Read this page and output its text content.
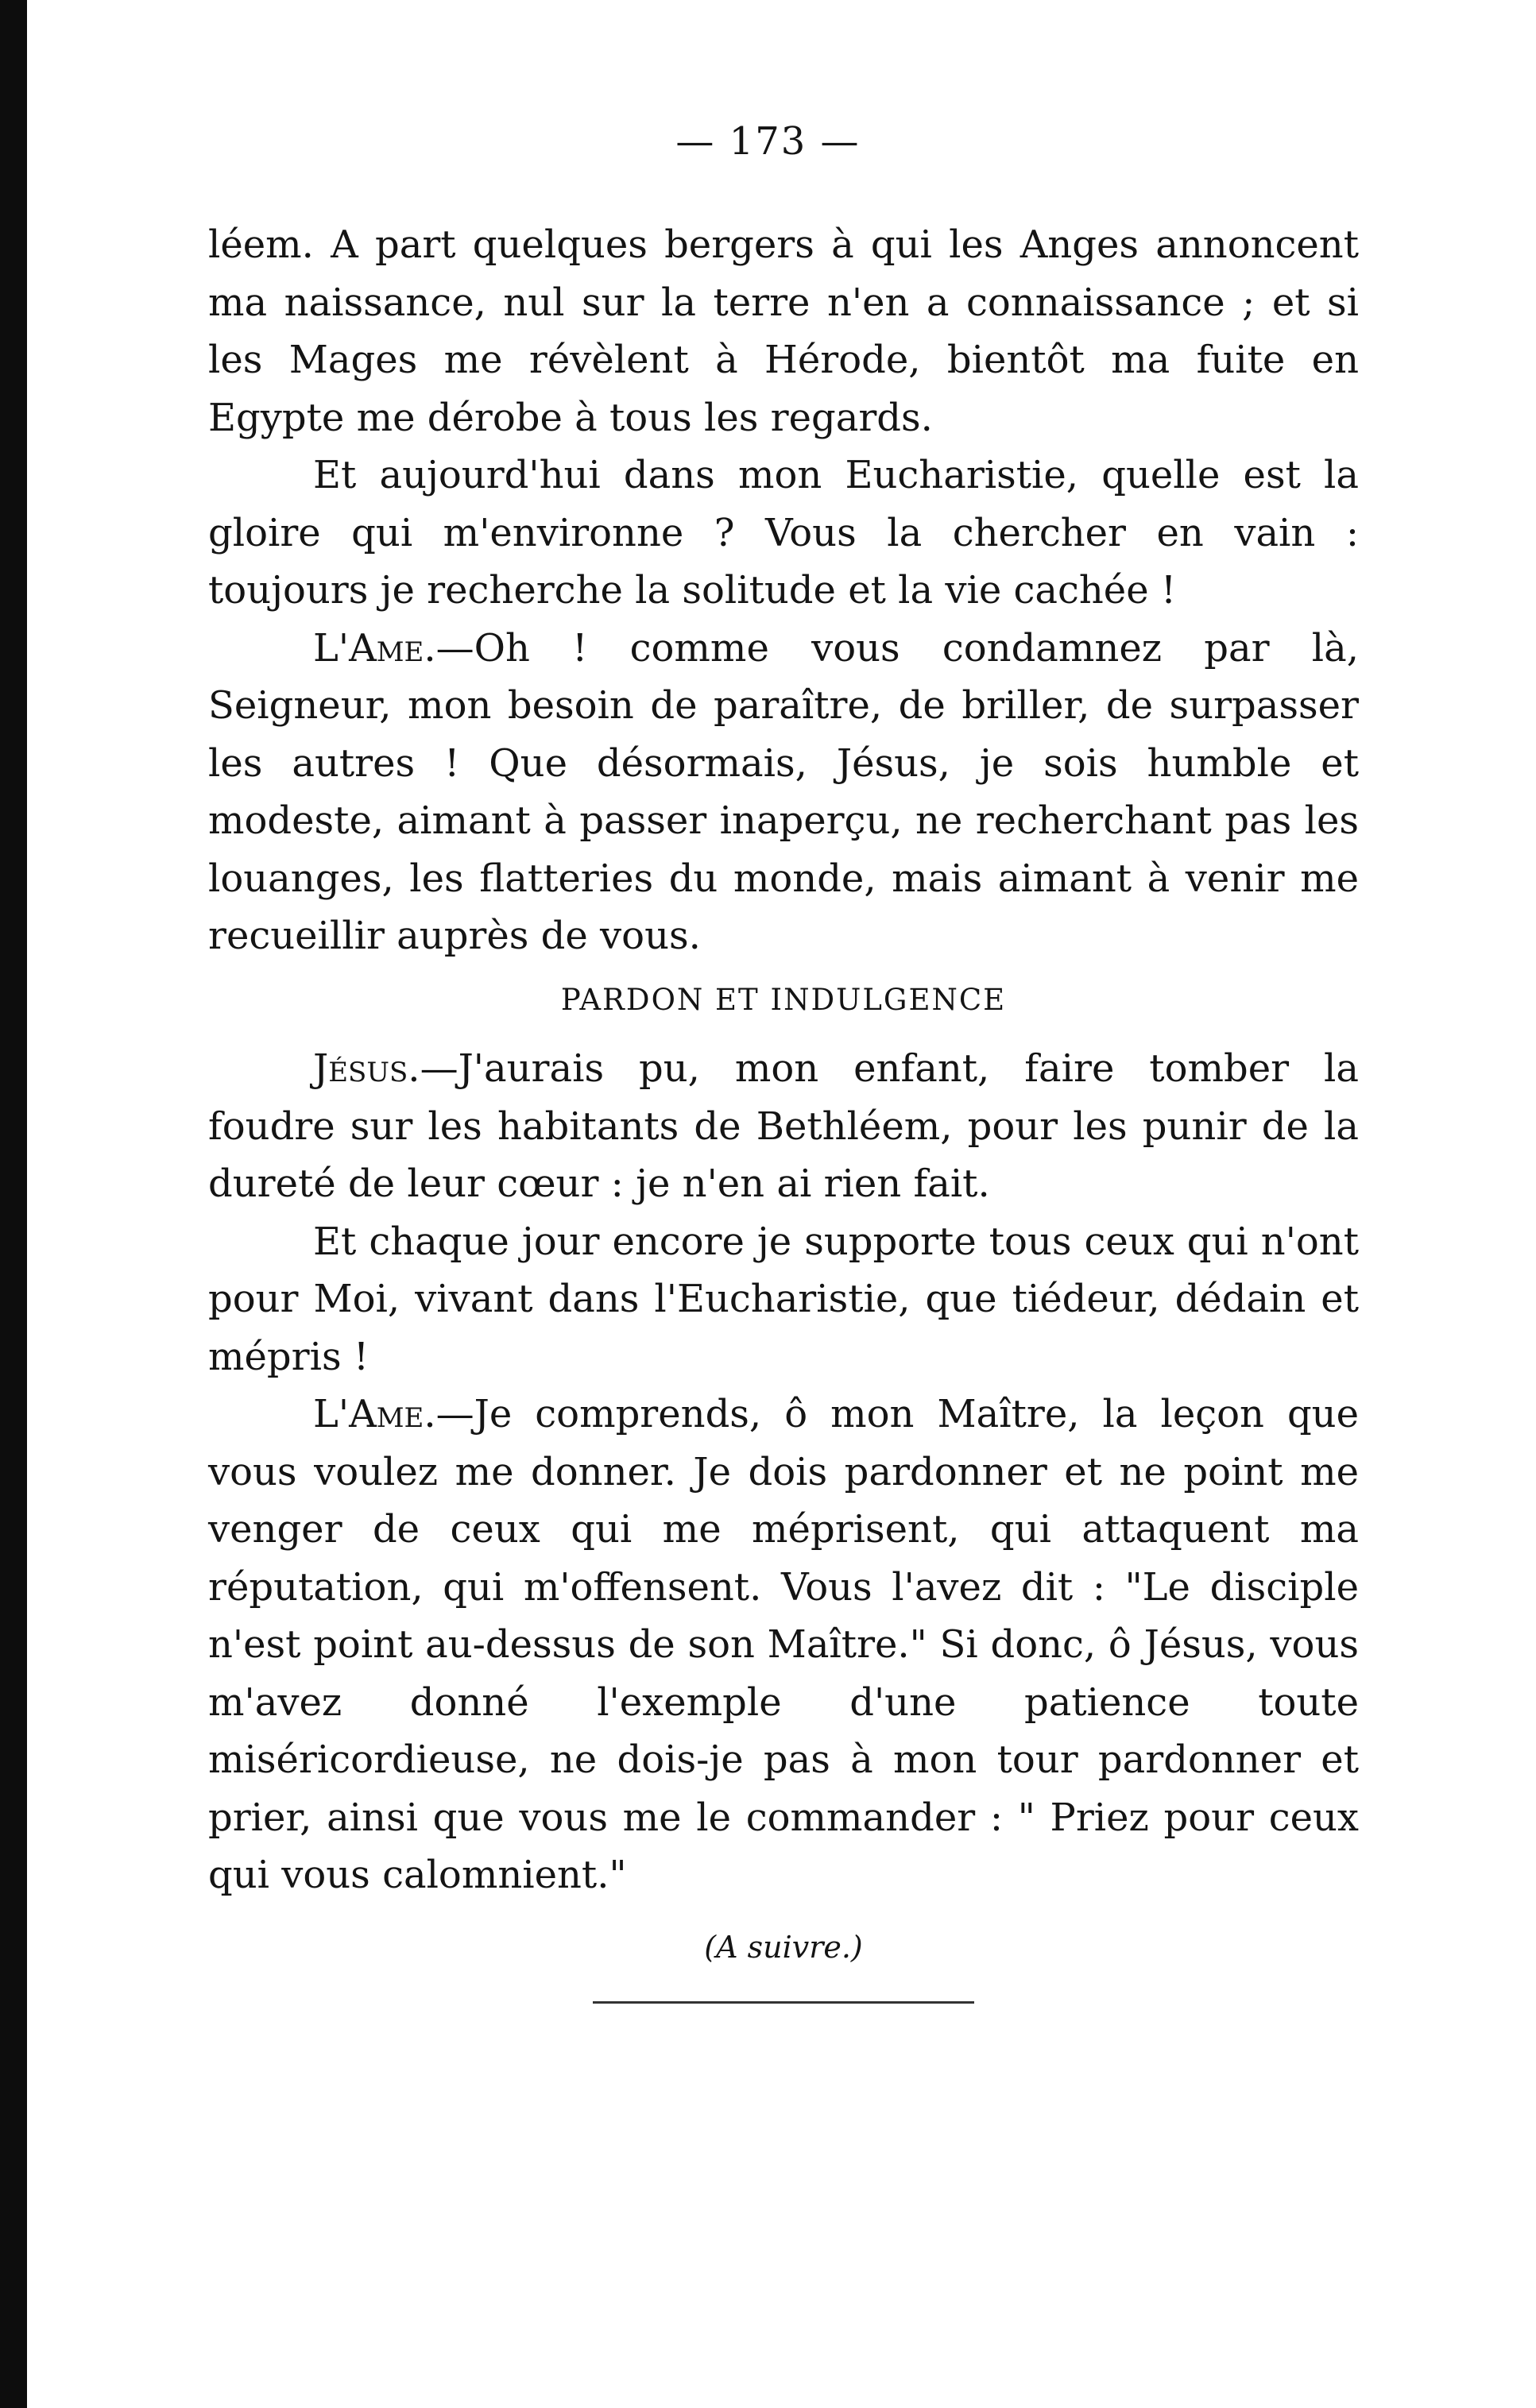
— 173 —

léem. A part quelques bergers à qui les Anges annoncent ma naissance, nul sur la terre n'en a connaissance ; et si les Mages me révèlent à Hérode, bientôt ma fuite en Egypte me dérobe à tous les regards.

Et aujourd'hui dans mon Eucharistie, quelle est la gloire qui m'environne ? Vous la chercher en vain : toujours je recherche la solitude et la vie cachée !

L'Ame.—Oh ! comme vous condamnez par là, Seigneur, mon besoin de paraître, de briller, de surpasser les autres ! Que désormais, Jésus, je sois humble et modeste, aimant à passer inaperçu, ne recherchant pas les louanges, les flatteries du monde, mais aimant à venir me recueillir auprès de vous.

PARDON ET INDULGENCE

Jésus.—J'aurais pu, mon enfant, faire tomber la foudre sur les habitants de Bethléem, pour les punir de la dureté de leur cœur : je n'en ai rien fait.

Et chaque jour encore je supporte tous ceux qui n'ont pour Moi, vivant dans l'Eucharistie, que tiédeur, dédain et mépris !

L'Ame.—Je comprends, ô mon Maître, la leçon que vous voulez me donner. Je dois pardonner et ne point me venger de ceux qui me méprisent, qui attaquent ma réputation, qui m'offensent. Vous l'avez dit : "Le disciple n'est point au-dessus de son Maître." Si donc, ô Jésus, vous m'avez donné l'exemple d'une patience toute miséricordieuse, ne dois-je pas à mon tour pardonner et prier, ainsi que vous me le commander : " Priez pour ceux qui vous calomnient."

(A suivre.)
